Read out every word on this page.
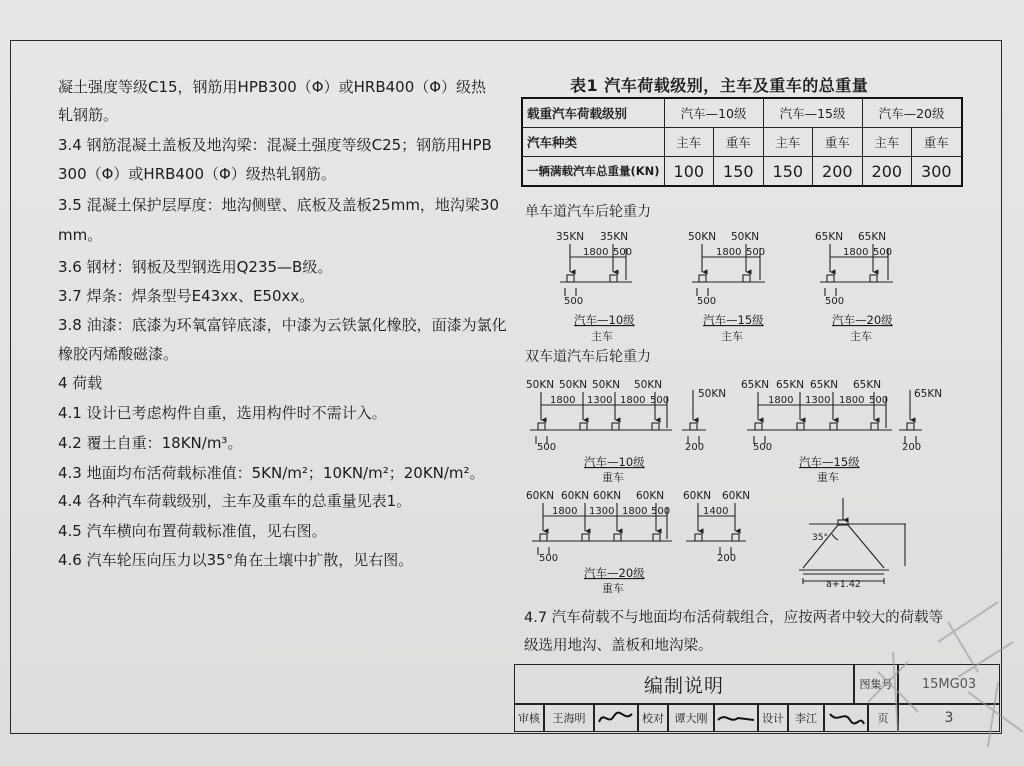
凝土强度等级C15，钢筋用HPB300（Φ）或HRB400（Φ）级热
轧钢筋。
3.4 钢筋混凝土盖板及地沟梁：混凝土强度等级C25；钢筋用HPB
300（Φ）或HRB400（Φ）级热轧钢筋。
3.5 混凝土保护层厚度：地沟侧壁、底板及盖板25mm，地沟梁30
mm。
3.6 钢材：钢板及型钢选用Q235—B级。
3.7 焊条：焊条型号E43xx、E50xx。
3.8 油漆：底漆为环氧富锌底漆，中漆为云铁氯化橡胶，面漆为氯化
橡胶丙烯酸磁漆。
4 荷载
4.1 设计已考虑构件自重，选用构件时不需计入。
4.2 覆土自重：18KN/m³。
4.3 地面均布活荷载标准值：5KN/m²；10KN/m²；20KN/m²。
4.4 各种汽车荷载级别，主车及重车的总重量见表1。
4.5 汽车横向布置荷载标准值，见右图。
4.6 汽车轮压向压力以35°角在土壤中扩散，见右图。
表1 汽车荷载级别，主车及重车的总重量
载重汽车荷载级别	汽车—10级		汽车—15级		汽车—20级	
汽车种类	主车	重车	主车	重车	主车	重车
一辆满载汽车总重量(KN)	100	150	150	200	200	300
单车道汽车后轮重力
双车道汽车后轮重力
35KN 35KN
1800 500
500
汽车—10级
主车
50KN 50KN
1800 500
500
汽车—15级
主车
65KN 65KN
1800 500
500
汽车—20级
主车
50KN 50KN 50KN 50KN
1800 1300 1800 500
500
50KN
200
汽车—10级
重车
65KN 65KN 65KN 65KN
1800 1300 1800 500
500
65KN
200
汽车—15级
重车
60KN 60KN 60KN 60KN
1800 1300 1800 500
500
60KN 60KN
1400
200
汽车—20级
重车
35°
a+1.42
4.7 汽车荷载不与地面均布活荷载组合，应按两者中较大的荷载等
级选用地沟、盖板和地沟梁。
编制说明	图集号	15MG03
审核	王海明	校对 谭大刚	设计	李江	页	3
